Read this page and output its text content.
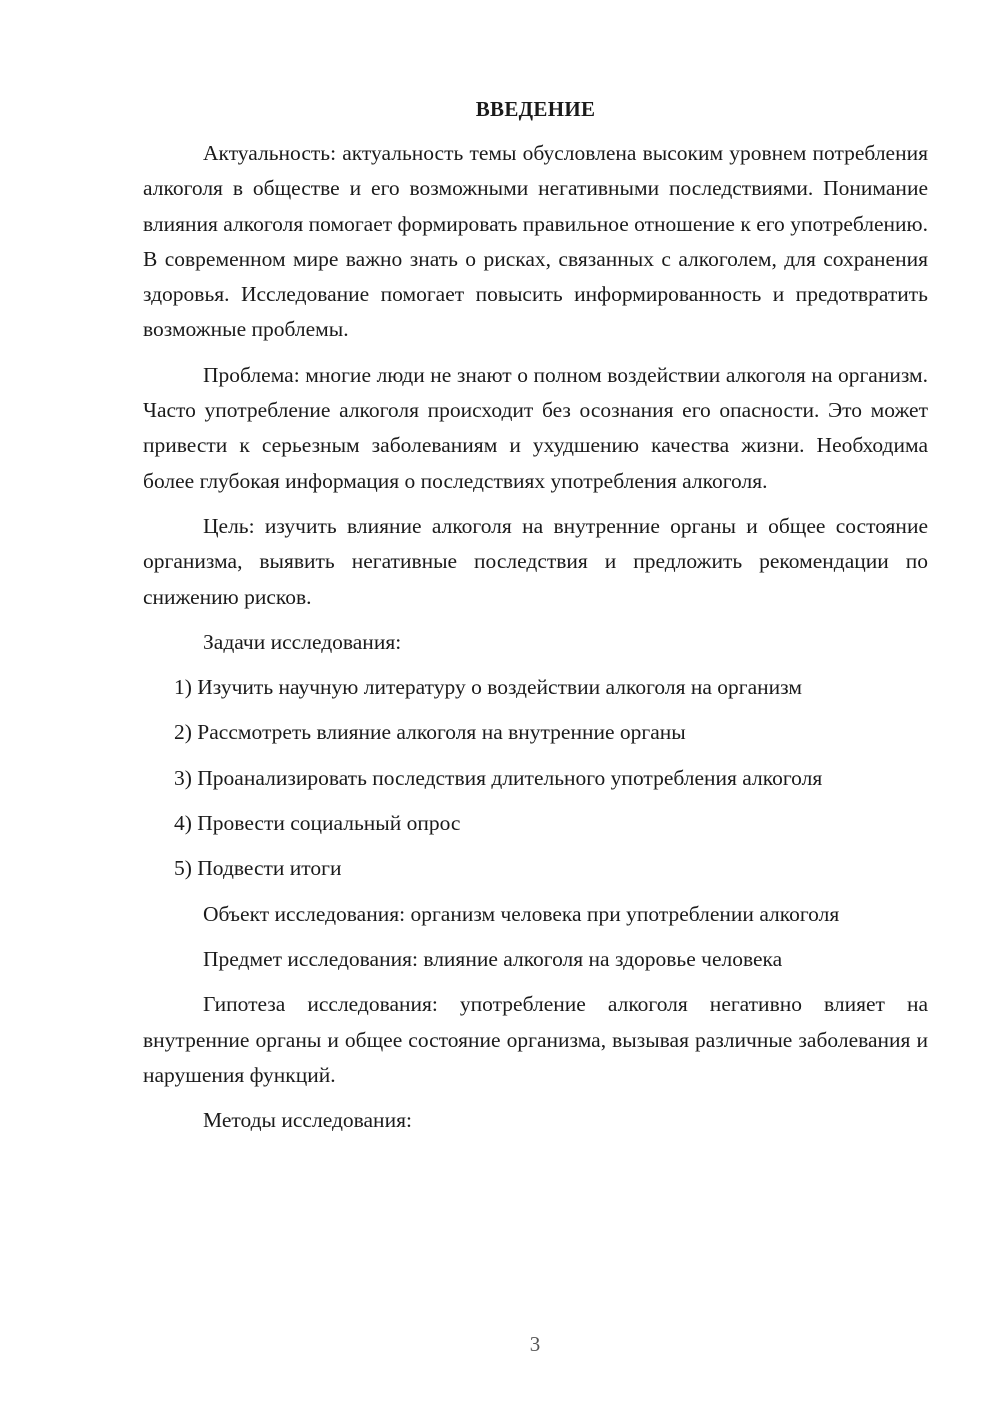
ВВЕДЕНИЕ

Актуальность: актуальность темы обусловлена высоким уровнем потребления алкоголя в обществе и его возможными негативными последствиями. Понимание влияния алкоголя помогает формировать правильное отношение к его употреблению. В современном мире важно знать о рисках, связанных с алкоголем, для сохранения здоровья. Исследование помогает повысить информированность и предотвратить возможные проблемы.

Проблема: многие люди не знают о полном воздействии алкоголя на организм. Часто употребление алкоголя происходит без осознания его опасности. Это может привести к серьезным заболеваниям и ухудшению качества жизни. Необходима более глубокая информация о последствиях употребления алкоголя.

Цель: изучить влияние алкоголя на внутренние органы и общее состояние организма, выявить негативные последствия и предложить рекомендации по снижению рисков.

Задачи исследования:

1) Изучить научную литературу о воздействии алкоголя на организм

2) Рассмотреть влияние алкоголя на внутренние органы

3) Проанализировать последствия длительного употребления алкоголя

4) Провести социальный опрос

5) Подвести итоги

Объект исследования: организм человека при употреблении алкоголя

Предмет исследования: влияние алкоголя на здоровье человека

Гипотеза исследования: употребление алкоголя негативно влияет на внутренние органы и общее состояние организма, вызывая различные заболевания и нарушения функций.

Методы исследования:

3
